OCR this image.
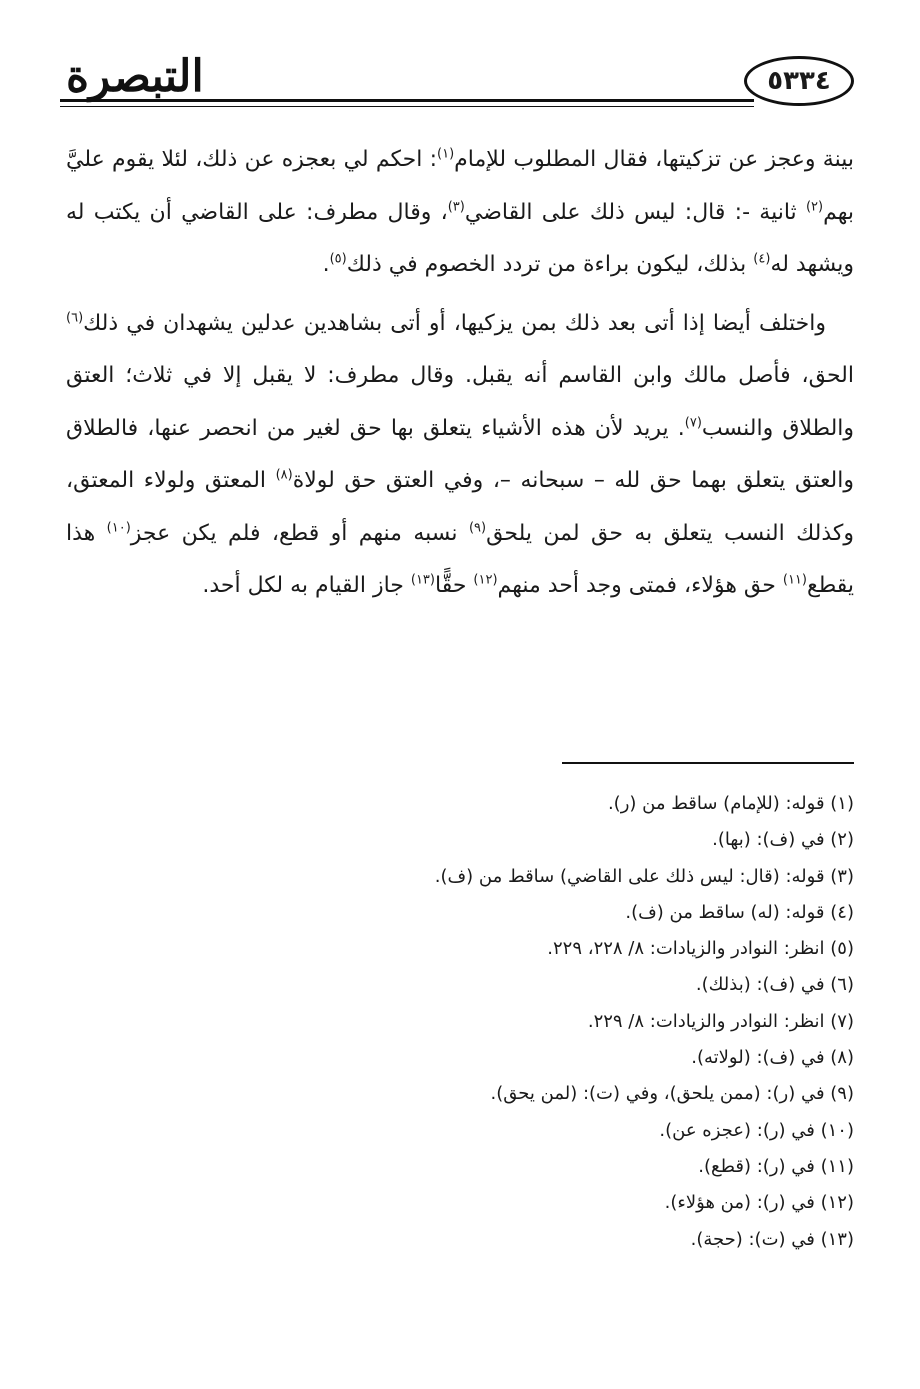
التبصرة	٥٣٣٤

بينة وعجز عن تزكيتها، فقال المطلوب للإمام$^{(١)}$: احكم لي بعجزه عن ذلك، لئلا يقوم عليَّ بهم$^{(٢)}$ ثانية -: قال: ليس ذلك على القاضي$^{(٣)}$، وقال مطرف: على القاضي أن يكتب له ويشهد له$^{(٤)}$ بذلك، ليكون براءة من تردد الخصوم في ذلك$^{(٥)}$.

واختلف أيضا إذا أتى بعد ذلك بمن يزكيها، أو أتى بشاهدين عدلين يشهدان في ذلك$^{(٦)}$ الحق، فأصل مالك وابن القاسم أنه يقبل. وقال مطرف: لا يقبل إلا في ثلاث؛ العتق والطلاق والنسب$^{(٧)}$. يريد لأن هذه الأشياء يتعلق بها حق لغير من انحصر عنها، فالطلاق والعتق يتعلق بهما حق لله – سبحانه –، وفي العتق حق لولاة$^{(٨)}$ المعتق ولولاء المعتق، وكذلك النسب يتعلق به حق لمن يلحق$^{(٩)}$ نسبه منهم أو قطع، فلم يكن عجز$^{(١٠)}$ هذا يقطع$^{(١١)}$ حق هؤلاء، فمتى وجد أحد منهم$^{(١٢)}$ حقًّا$^{(١٣)}$ جاز القيام به لكل أحد.

(١) قوله: (للإمام) ساقط من (ر).
(٢) في (ف): (بها).
(٣) قوله: (قال: ليس ذلك على القاضي) ساقط من (ف).
(٤) قوله: (له) ساقط من (ف).
(٥) انظر: النوادر والزيادات: ٨/ ٢٢٨، ٢٢٩.
(٦) في (ف): (بذلك).
(٧) انظر: النوادر والزيادات: ٨/ ٢٢٩.
(٨) في (ف): (لولاته).
(٩) في (ر): (ممن يلحق)، وفي (ت): (لمن يحق).
(١٠) في (ر): (عجزه عن).
(١١) في (ر): (قطع).
(١٢) في (ر): (من هؤلاء).
(١٣) في (ت): (حجة).
